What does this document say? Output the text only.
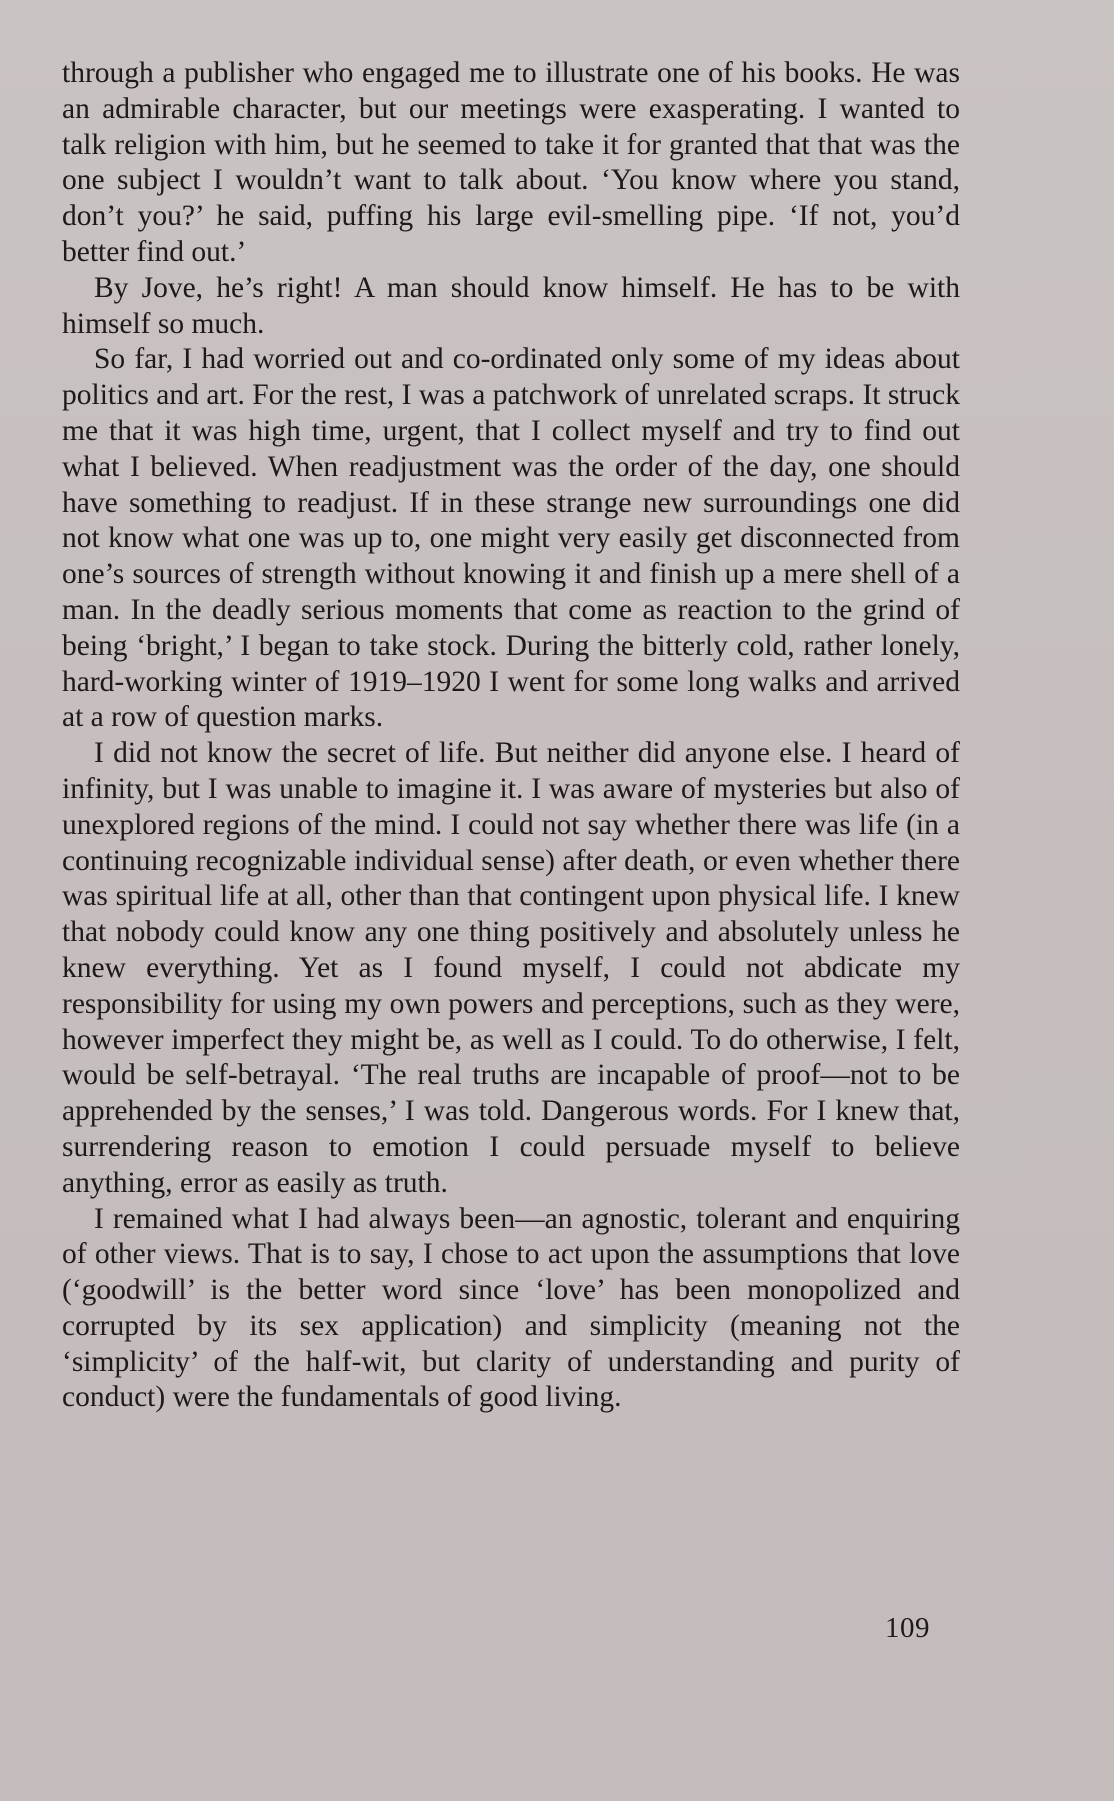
through a publisher who engaged me to illustrate one of his books. He was an admirable character, but our meetings were exasperating. I wanted to talk religion with him, but he seemed to take it for granted that that was the one subject I wouldn’t want to talk about. ‘You know where you stand, don’t you?’ he said, puffing his large evil-smelling pipe. ‘If not, you’d better find out.’

By Jove, he’s right! A man should know himself. He has to be with himself so much.

So far, I had worried out and co-ordinated only some of my ideas about politics and art. For the rest, I was a patchwork of unrelated scraps. It struck me that it was high time, urgent, that I collect myself and try to find out what I believed. When readjustment was the order of the day, one should have something to readjust. If in these strange new surroundings one did not know what one was up to, one might very easily get disconnected from one’s sources of strength without knowing it and finish up a mere shell of a man. In the deadly serious moments that come as reaction to the grind of being ‘bright,’ I began to take stock. During the bitterly cold, rather lonely, hard-working winter of 1919–1920 I went for some long walks and arrived at a row of question marks.

I did not know the secret of life. But neither did anyone else. I heard of infinity, but I was unable to imagine it. I was aware of mysteries but also of unexplored regions of the mind. I could not say whether there was life (in a continuing recognizable individual sense) after death, or even whether there was spiritual life at all, other than that contingent upon physical life. I knew that nobody could know any one thing positively and absolutely unless he knew everything. Yet as I found myself, I could not abdicate my responsibility for using my own powers and perceptions, such as they were, however imperfect they might be, as well as I could. To do otherwise, I felt, would be self-betrayal. ‘The real truths are incapable of proof—not to be apprehended by the senses,’ I was told. Dangerous words. For I knew that, surrendering reason to emotion I could persuade myself to believe anything, error as easily as truth.

I remained what I had always been—an agnostic, tolerant and enquiring of other views. That is to say, I chose to act upon the assumptions that love (‘goodwill’ is the better word since ‘love’ has been monopolized and corrupted by its sex application) and simplicity (meaning not the ‘simplicity’ of the half-wit, but clarity of understanding and purity of conduct) were the fundamentals of good living.

109
